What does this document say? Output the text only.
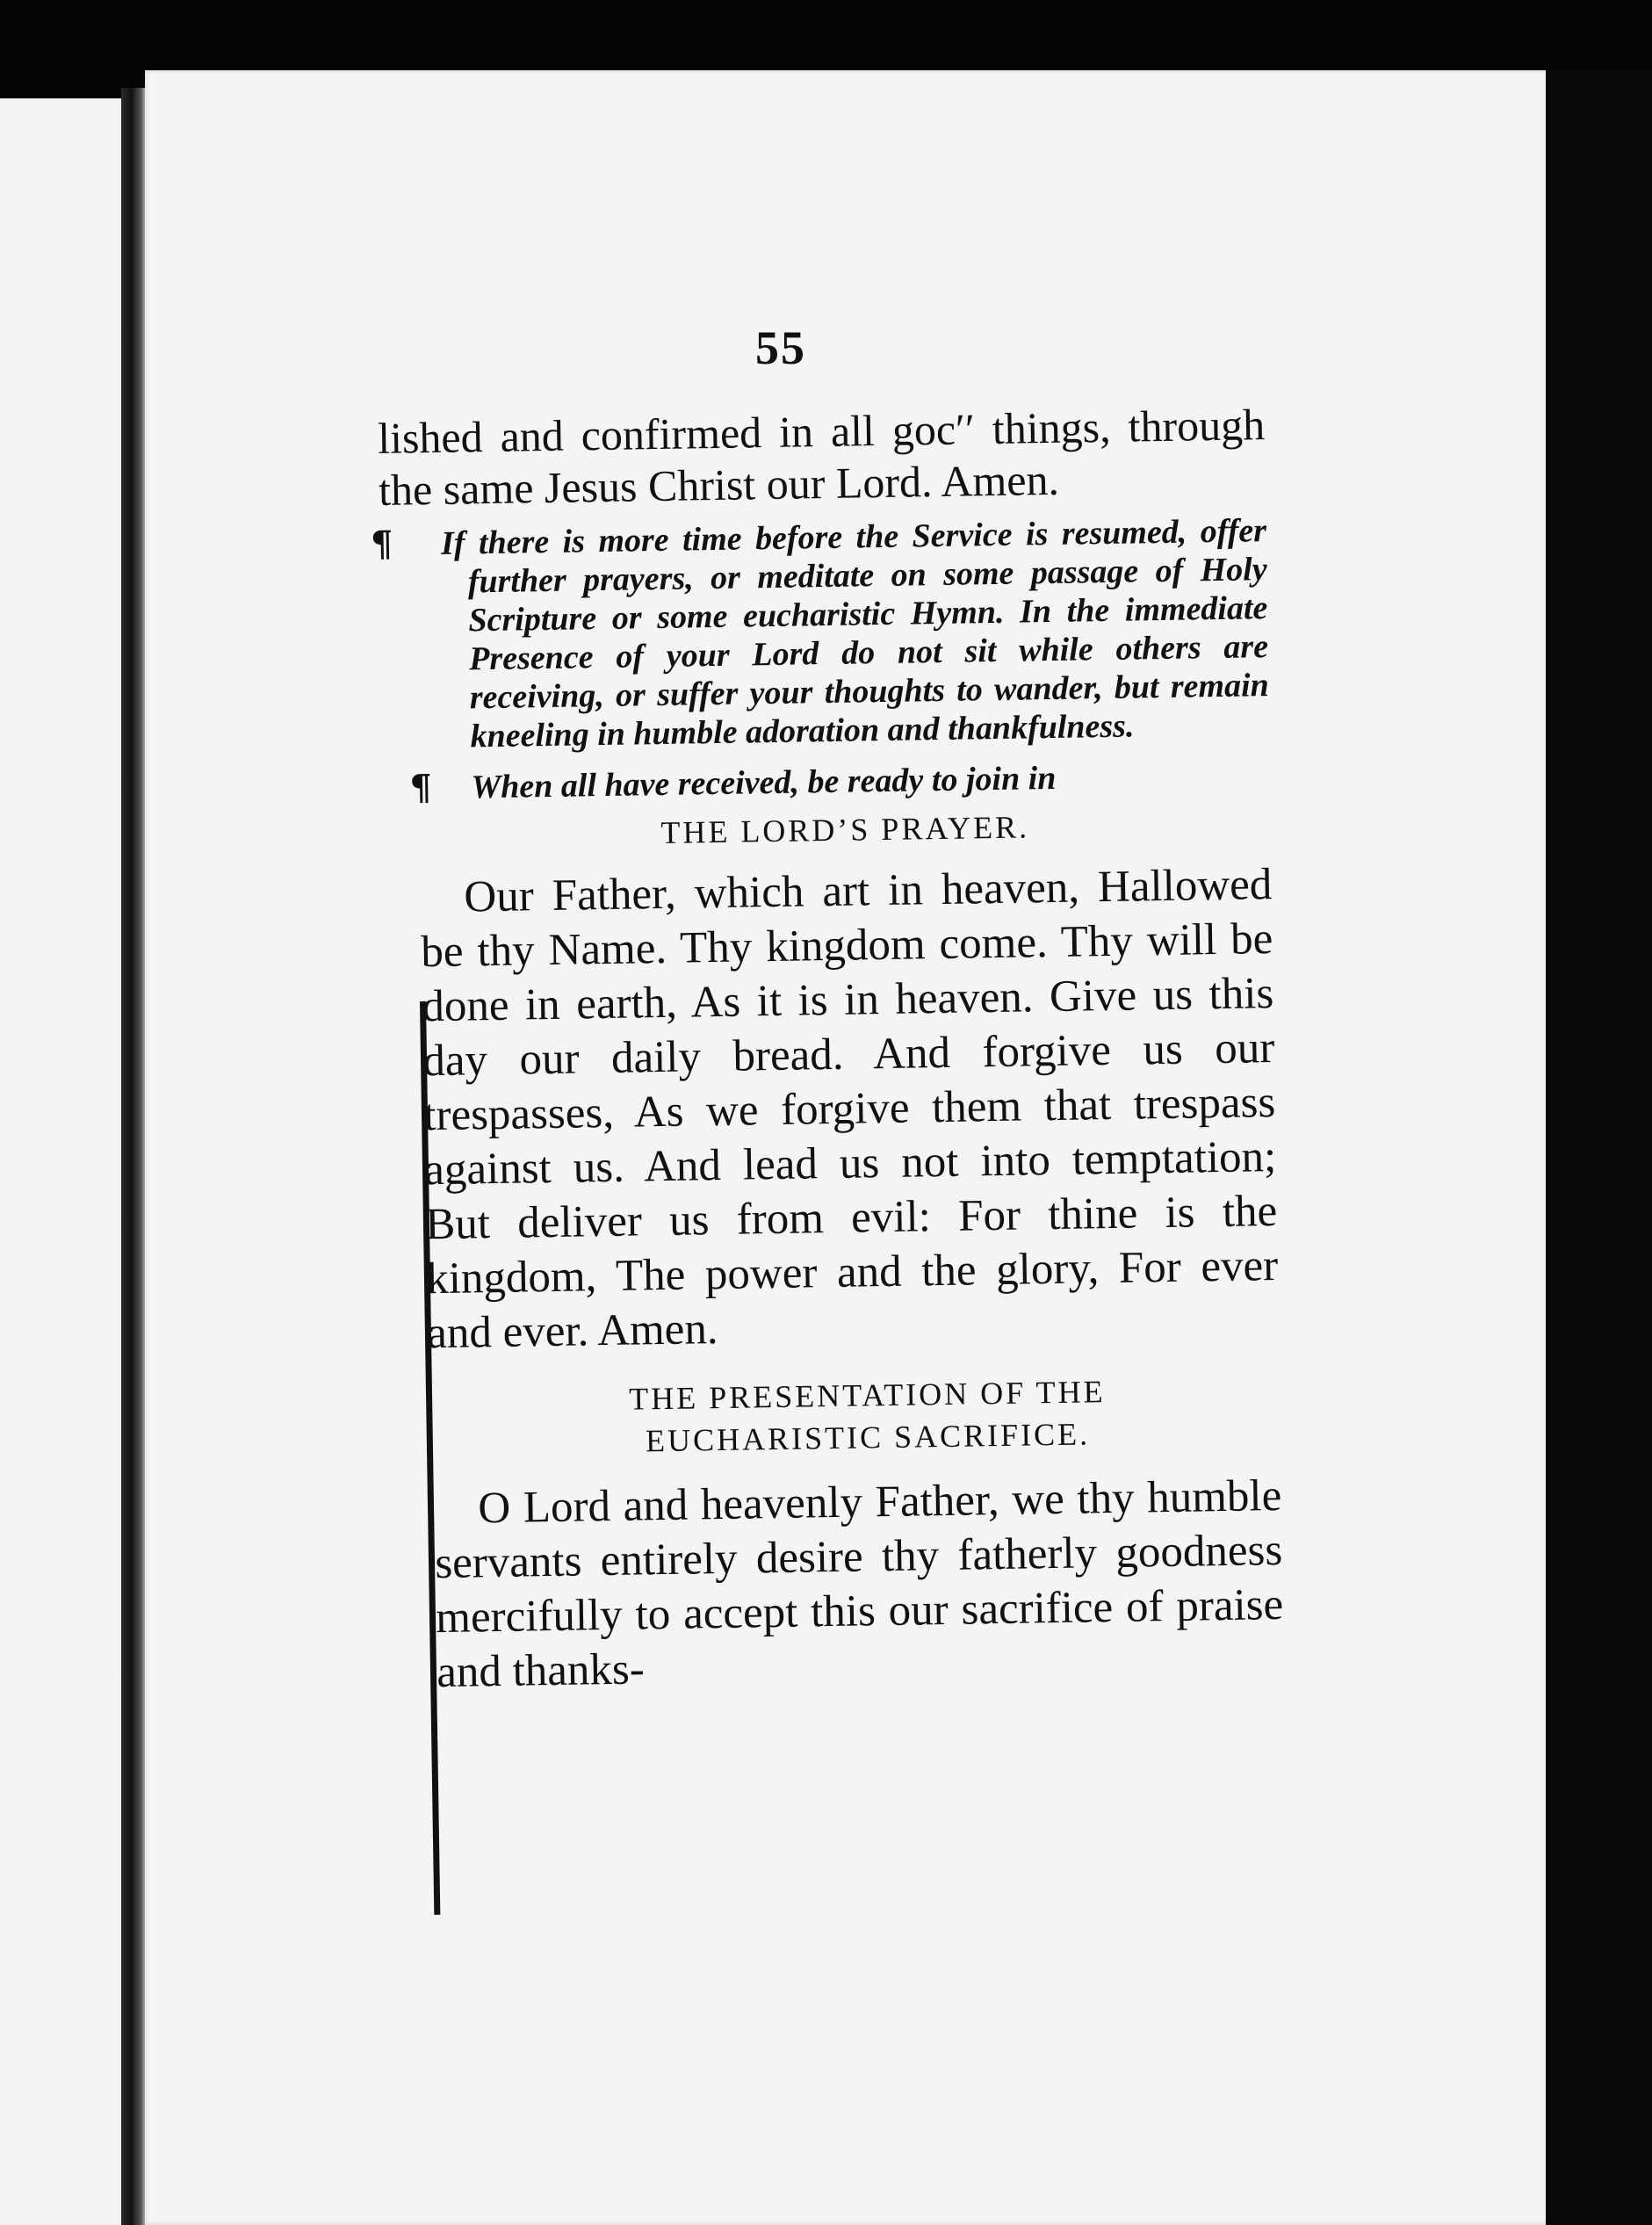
55

lished and confirmed in all goc′′ things, through the same Jesus Christ our Lord. Amen.

¶	If there is more time before the Service is resumed, offer further prayers, or meditate on some passage of Holy Scripture or some eucharistic Hymn. In the immediate Presence of your Lord do not sit while others are receiving, or suffer your thoughts to wander, but remain kneeling in humble adoration and thankfulness.

¶	When all have received, be ready to join in

THE LORD’S PRAYER.

Our Father, which art in heaven, Hallowed be thy Name. Thy kingdom come. Thy will be done in earth, As it is in heaven. Give us this day our daily bread. And forgive us our trespasses, As we forgive them that trespass against us. And lead us not into temptation; But deliver us from evil: For thine is the kingdom, The power and the glory, For ever and ever. Amen.

THE PRESENTATION OF THE
EUCHARISTIC SACRIFICE.

O Lord and heavenly Father, we thy humble servants entirely desire thy fatherly goodness mercifully to accept this our sacrifice of praise and thanks-
